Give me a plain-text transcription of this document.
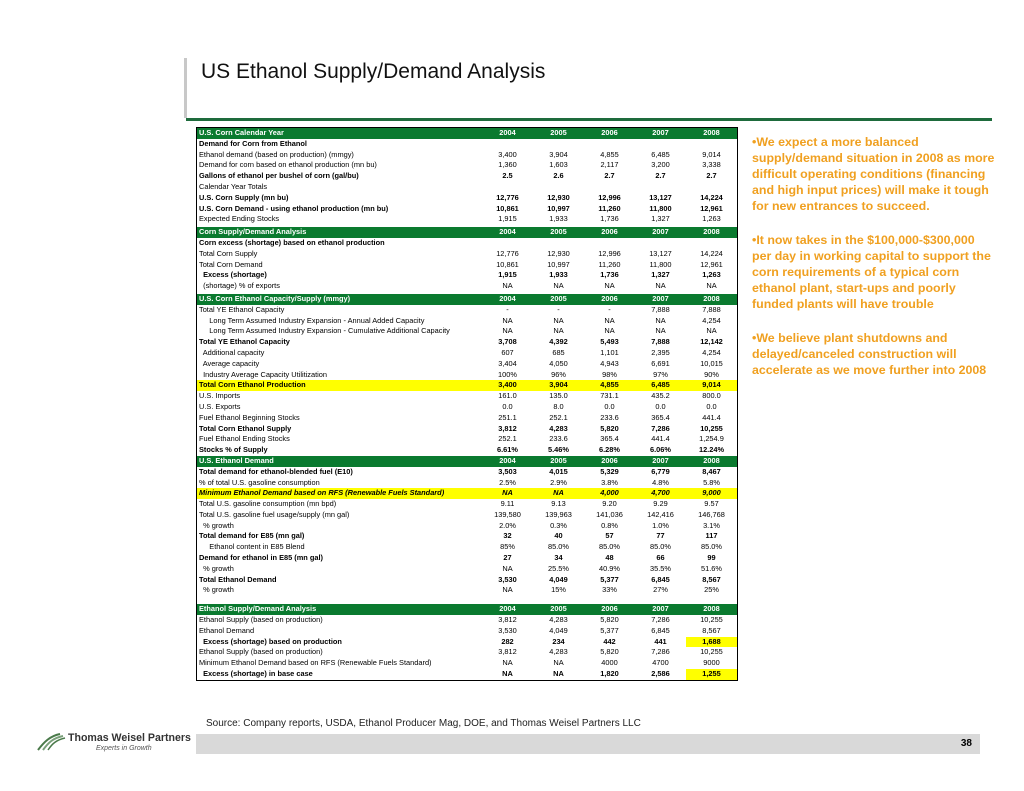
US Ethanol Supply/Demand Analysis
U.S. Corn Calendar Year	2004	2005	2006	2007	2008
Demand for Corn from Ethanol					
Ethanol demand (based on production) (mmgy)	3,400	3,904	4,855	6,485	9,014
Demand for corn based on ethanol production (mn bu)	1,360	1,603	2,117	3,200	3,338
Gallons of ethanol per bushel of corn (gal/bu)	2.5	2.6	2.7	2.7	2.7
Calendar Year Totals					
U.S. Corn Supply (mn bu)	12,776	12,930	12,996	13,127	14,224
U.S. Corn Demand - using ethanol production (mn bu)	10,861	10,997	11,260	11,800	12,961
Expected Ending Stocks	1,915	1,933	1,736	1,327	1,263
Corn Supply/Demand Analysis	2004	2005	2006	2007	2008
Corn excess (shortage) based on ethanol production					
Total Corn Supply	12,776	12,930	12,996	13,127	14,224
Total Corn Demand	10,861	10,997	11,260	11,800	12,961
Excess (shortage)	1,915	1,933	1,736	1,327	1,263
(shortage) % of exports	NA	NA	NA	NA	NA
U.S. Corn Ethanol Capacity/Supply (mmgy)	2004	2005	2006	2007	2008
Total YE Ethanol Capacity	-	-	-	7,888	7,888
Long Term Assumed Industry Expansion - Annual Added Capacity	NA	NA	NA	NA	4,254
Long Term Assumed Industry Expansion - Cumulative Additional Capacity	NA	NA	NA	NA	NA
Total YE Ethanol Capacity	3,708	4,392	5,493	7,888	12,142
Additional capacity	607	685	1,101	2,395	4,254
Average capacity	3,404	4,050	4,943	6,691	10,015
Industry Average Capacity Utilitization	100%	96%	98%	97%	90%
Total Corn Ethanol Production	3,400	3,904	4,855	6,485	9,014
U.S. Imports	161.0	135.0	731.1	435.2	800.0
U.S. Exports	0.0	8.0	0.0	0.0	0.0
Fuel Ethanol Beginning Stocks	251.1	252.1	233.6	365.4	441.4
Total Corn Ethanol Supply	3,812	4,283	5,820	7,286	10,255
Fuel Ethanol Ending Stocks	252.1	233.6	365.4	441.4	1,254.9
Stocks % of Supply	6.61%	5.46%	6.28%	6.06%	12.24%
U.S. Ethanol Demand	2004	2005	2006	2007	2008
Total demand for ethanol-blended fuel (E10)	3,503	4,015	5,329	6,779	8,467
% of total U.S. gasoline consumption	2.5%	2.9%	3.8%	4.8%	5.8%
Minimum Ethanol Demand based on RFS (Renewable Fuels Standard)	NA	NA	4,000	4,700	9,000
Total U.S. gasoline consumption (mn bpd)	9.11	9.13	9.20	9.29	9.57
Total U.S. gasoline fuel usage/supply (mn gal)	139,580	139,963	141,036	142,416	146,768
% growth	2.0%	0.3%	0.8%	1.0%	3.1%
Total demand for E85 (mn gal)	32	40	57	77	117
Ethanol content in E85 Blend	85%	85.0%	85.0%	85.0%	85.0%
Demand for ethanol in E85 (mn gal)	27	34	48	66	99
% growth	NA	25.5%	40.9%	35.5%	51.6%
Total Ethanol Demand	3,530	4,049	5,377	6,845	8,567
% growth	NA	15%	33%	27%	25%

Ethanol Supply/Demand Analysis	2004	2005	2006	2007	2008
Ethanol Supply (based on production)	3,812	4,283	5,820	7,286	10,255
Ethanol Demand	3,530	4,049	5,377	6,845	8,567
Excess (shortage) based on production	282	234	442	441	1,688
Ethanol Supply (based on production)	3,812	4,283	5,820	7,286	10,255
Minimum Ethanol Demand based on RFS (Renewable Fuels Standard)	NA	NA	4000	4700	9000
Excess (shortage) in base case	NA	NA	1,820	2,586	1,255
Source: Company reports, USDA, Ethanol Producer Mag, DOE, and Thomas Weisel Partners LLC

•We expect a more balanced supply/demand situation in 2008 as more difficult operating conditions (financing and high input prices) will make it tough for new entrances to succeed.

•It now takes in the $100,000-$300,000 per day in working capital to support the corn requirements of a typical corn ethanol plant, start-ups and poorly funded plants will have trouble

•We believe plant shutdowns and delayed/canceled construction will accelerate as we move further into 2008

Thomas Weisel Partners
Experts in Growth	38
